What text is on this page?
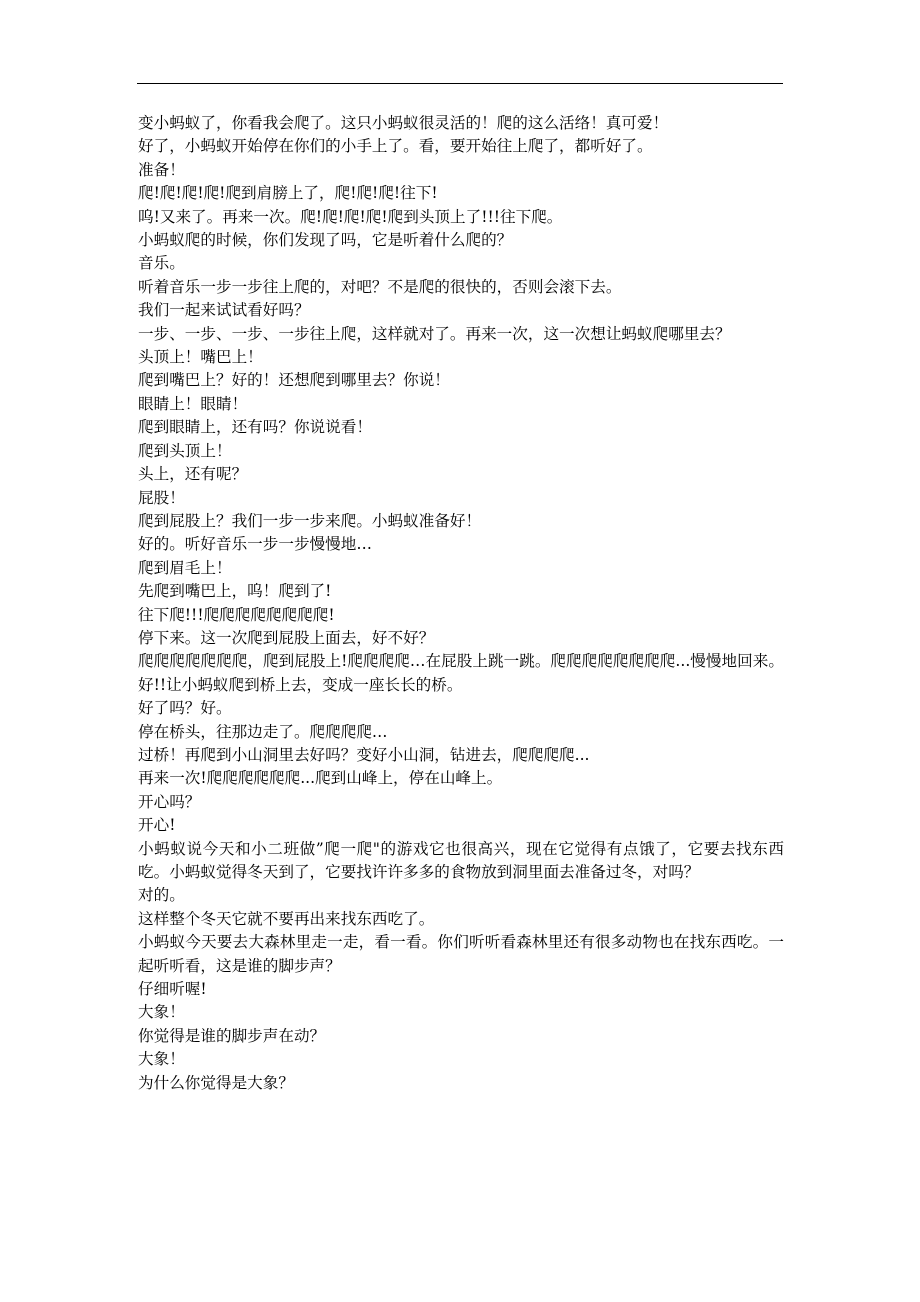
变小蚂蚁了，你看我会爬了。这只小蚂蚁很灵活的！爬的这么活络！真可爱！

好了，小蚂蚁开始停在你们的小手上了。看，要开始往上爬了，都听好了。

准备！

爬!爬!爬!爬!爬到肩膀上了，爬!爬!爬!往下!

呜!又来了。再来一次。爬!爬!爬!爬!爬到头顶上了!!!往下爬。

小蚂蚁爬的时候，你们发现了吗，它是听着什么爬的？

音乐。

听着音乐一步一步往上爬的，对吧？不是爬的很快的，否则会滚下去。

我们一起来试试看好吗？

一步、一步、一步、一步往上爬，这样就对了。再来一次，这一次想让蚂蚁爬哪里去？

头顶上！嘴巴上！

爬到嘴巴上？好的！还想爬到哪里去？你说！

眼睛上！眼睛！

爬到眼睛上，还有吗？你说说看！

爬到头顶上！

头上，还有呢？

屁股！

爬到屁股上？我们一步一步来爬。小蚂蚁准备好！

好的。听好音乐一步一步慢慢地…

爬到眉毛上！

先爬到嘴巴上，呜！爬到了!

往下爬!!!爬爬爬爬爬爬爬爬!

停下来。这一次爬到屁股上面去，好不好？

爬爬爬爬爬爬爬，爬到屁股上!爬爬爬爬…在屁股上跳一跳。爬爬爬爬爬爬爬爬...慢慢地回来。好!!让小蚂蚁爬到桥上去，变成一座长长的桥。

好了吗？好。

停在桥头，往那边走了。爬爬爬爬…

过桥！再爬到小山洞里去好吗？变好小山洞，钻进去，爬爬爬爬...

再来一次!爬爬爬爬爬爬...爬到山峰上，停在山峰上。

开心吗？

开心!

小蚂蚁说今天和小二班做”爬一爬"的游戏它也很高兴，现在它觉得有点饿了，它要去找东西吃。小蚂蚁觉得冬天到了，它要找许许多多的食物放到洞里面去准备过冬，对吗？

对的。

这样整个冬天它就不要再出来找东西吃了。

小蚂蚁今天要去大森林里走一走，看一看。你们听听看森林里还有很多动物也在找东西吃。一起听听看，这是谁的脚步声？

仔细听喔!

大象！

你觉得是谁的脚步声在动？

大象！

为什么你觉得是大象？
